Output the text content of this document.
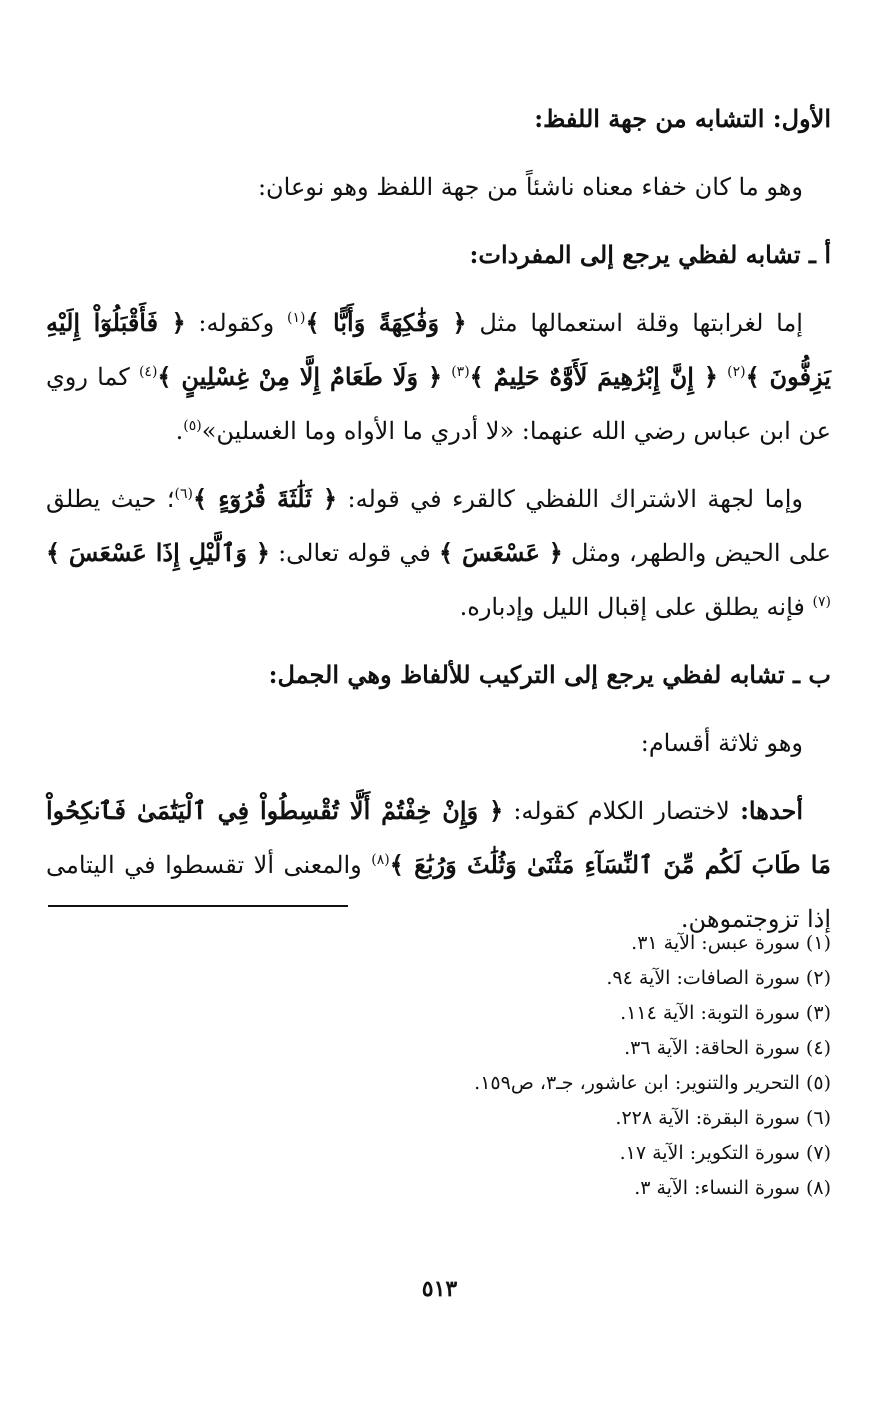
الأول: التشابه من جهة اللفظ:

وهو ما كان خفاء معناه ناشئاً من جهة اللفظ وهو نوعان:

أ ـ تشابه لفظي يرجع إلى المفردات:

إما لغرابتها وقلة استعمالها مثل ﴿ وَفَٰكِهَةً وَأَبًّا ﴾$^{(١)}$ وكقوله: ﴿ فَأَقْبَلُوٓاْ إِلَيْهِ يَزِفُّونَ ﴾$^{(٢)}$ ﴿ إِنَّ إِبْرَٰهِيمَ لَأَوَّٰهٌ حَلِيمٌ ﴾$^{(٣)}$ ﴿ وَلَا طَعَامٌ إِلَّا مِنْ غِسْلِينٍ ﴾$^{(٤)}$ كما روي عن ابن عباس رضي الله عنهما: «لا أدري ما الأواه وما الغسلين»$^{(٥)}$.

وإما لجهة الاشتراك اللفظي كالقرء في قوله: ﴿ ثَلَٰثَةَ قُرُوٓءٍ ﴾$^{(٦)}$؛ حيث يطلق على الحيض والطهر، ومثل ﴿ عَسْعَسَ ﴾ في قوله تعالى: ﴿ وَٱلَّيْلِ إِذَا عَسْعَسَ ﴾$^{(٧)}$ فإنه يطلق على إقبال الليل وإدباره.

ب ـ تشابه لفظي يرجع إلى التركيب للألفاظ وهي الجمل:

وهو ثلاثة أقسام:

أحدها: لاختصار الكلام كقوله: ﴿ وَإِنْ خِفْتُمْ أَلَّا تُقْسِطُواْ فِي ٱلْيَتَٰمَىٰ فَٱنكِحُواْ مَا طَابَ لَكُم مِّنَ ٱلنِّسَآءِ مَثْنَىٰ وَثُلَٰثَ وَرُبَٰعَ ﴾$^{(٨)}$ والمعنى ألا تقسطوا في اليتامى إذا تزوجتموهن.

(١) سورة عبس: الآية ٣١.

(٢) سورة الصافات: الآية ٩٤.

(٣) سورة التوبة: الآية ١١٤.

(٤) سورة الحاقة: الآية ٣٦.

(٥) التحرير والتنوير: ابن عاشور، جـ٣، ص١٥٩.

(٦) سورة البقرة: الآية ٢٢٨.

(٧) سورة التكوير: الآية ١٧.

(٨) سورة النساء: الآية ٣.

٥١٣
